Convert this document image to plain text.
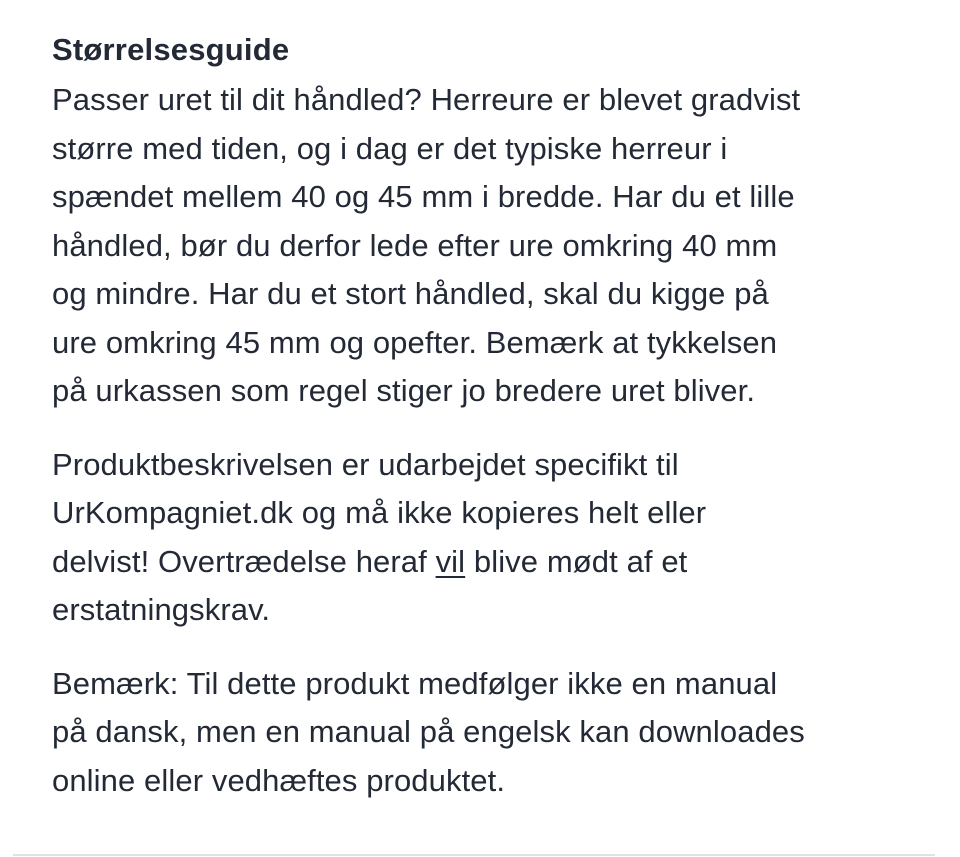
Størrelsesguide

Passer uret til dit håndled? Herreure er blevet gradvist
større med tiden, og i dag er det typiske herreur i
spændet mellem 40 og 45 mm i bredde. Har du et lille
håndled, bør du derfor lede efter ure omkring 40 mm
og mindre. Har du et stort håndled, skal du kigge på
ure omkring 45 mm og opefter. Bemærk at tykkelsen
på urkassen som regel stiger jo bredere uret bliver.

Produktbeskrivelsen er udarbejdet specifikt til
UrKompagniet.dk og må ikke kopieres helt eller
delvist! Overtrædelse heraf vil blive mødt af et
erstatningskrav.

Bemærk: Til dette produkt medfølger ikke en manual
på dansk, men en manual på engelsk kan downloades
online eller vedhæftes produktet.
